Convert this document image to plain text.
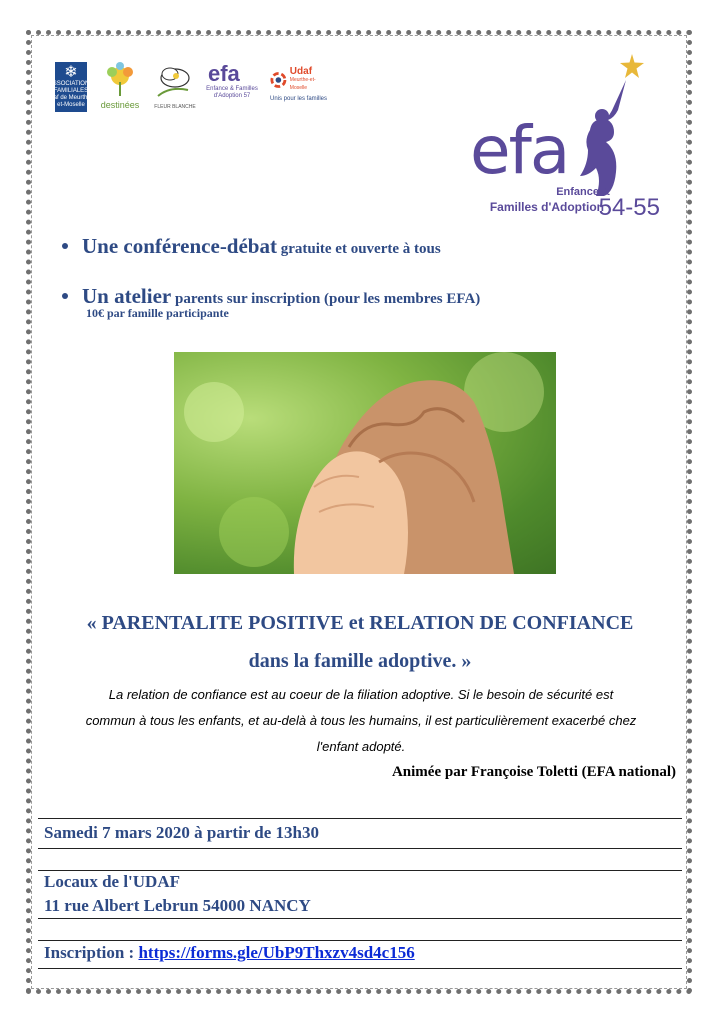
❄
ASSOCIATIONS FAMILIALES Caf de Meurthe-et-Moselle	destinées	FLEUR BLANCHE
efa
Enfance & Familles d'Adoption 57
Udaf
Meurthe-et-Moselle
Unis pour les familles
efa
Enfance &
Familles d'Adoption
54-55
Une conférence-débat gratuite et ouverte à tous
Un atelier parents sur inscription (pour les membres EFA)
10€ par famille participante
« PARENTALITE POSITIVE et RELATION DE CONFIANCE
dans la famille adoptive. »
La relation de confiance est au coeur de la filiation adoptive. Si le besoin de sécurité est
commun à tous les enfants, et au-delà à tous les humains, il est particulièrement exacerbé chez
l'enfant adopté.
Animée par Françoise Toletti (EFA national)
Samedi 7 mars 2020 à partir de 13h30
Locaux de l'UDAF
11 rue Albert Lebrun 54000 NANCY
Inscription : https://forms.gle/UbP9Thxzv4sd4c156
